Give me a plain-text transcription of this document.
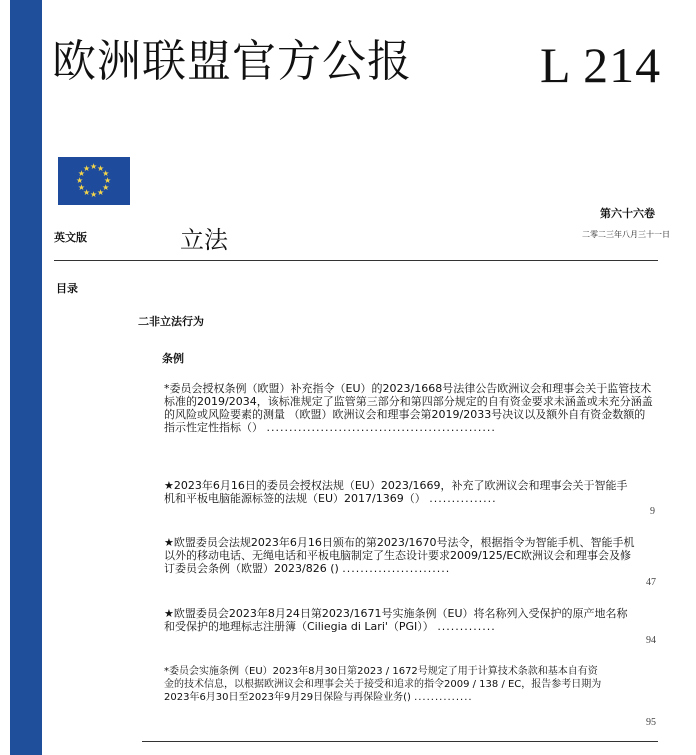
欧洲联盟官方公报	L 214
★ ★
★
★
★
★
★
★
★
★
★
★
第六十六卷
英文版	立法	二零二三年八月三十一日
目录
二非立法行为
条例
*委员会授权条例（欧盟）补充指令（EU）的2023/1668号法律公告欧洲议会和理事会关于监管技术标准的2019/2034，该标准规定了监管第三部分和第四部分规定的自有资金要求未涵盖或未充分涵盖的风险或风险要素的测量 （欧盟）欧洲议会和理事会第2019/2033号决议以及额外自有资金数额的指示性定性指标（） ...................................................
★2023年6月16日的委员会授权法规（EU）2023/1669，补充了欧洲议会和理事会关于智能手机和平板电脑能源标签的法规（EU）2017/1369（） ...............
9
★欧盟委员会法规2023年6月16日颁布的第2023/1670号法令，根据指令为智能手机、智能手机以外的移动电话、无绳电话和平板电脑制定了生态设计要求2009/125/EC欧洲议会和理事会及修订委员会条例（欧盟）2023/826 () ........................
47
★欧盟委员会2023年8月24日第2023/1671号实施条例（EU）将名称列入受保护的原产地名称和受保护的地理标志注册簿（Ciliegia di Lari'（PGI）） .............
94
*委员会实施条例（EU）2023年8月30日第2023 / 1672号规定了用于计算技术条款和基本自有资金的技术信息，以根据欧洲议会和理事会关于接受和追求的指令2009 / 138 / EC，报告参考日期为2023年6月30日至2023年9月29日保险与再保险业务() ..............
95
